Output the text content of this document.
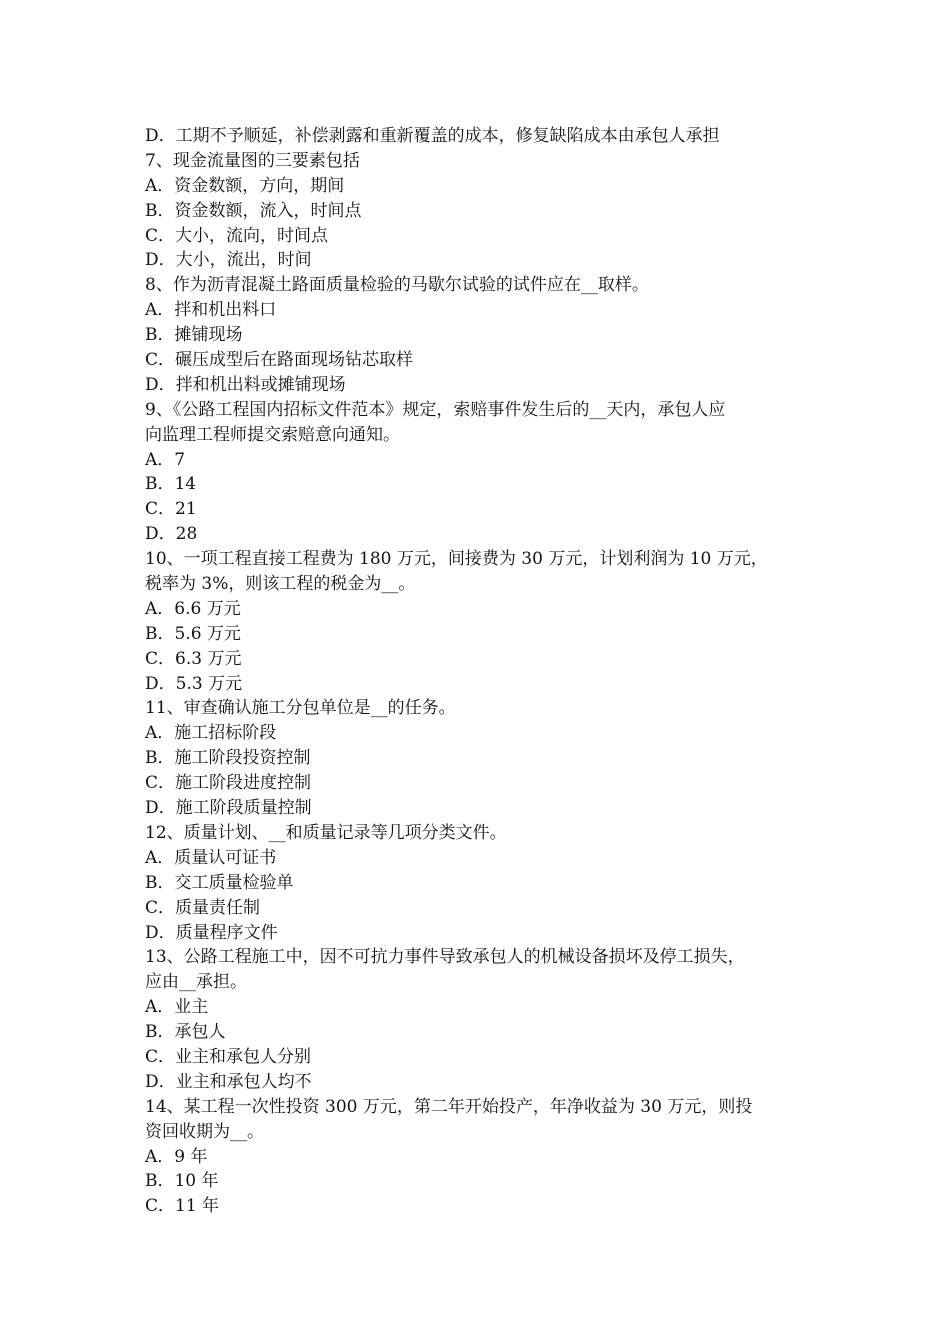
D．工期不予顺延，补偿剥露和重新覆盖的成本，修复缺陷成本由承包人承担
7、现金流量图的三要素包括
A．资金数额，方向，期间
B．资金数额，流入，时间点
C．大小，流向，时间点
D．大小，流出，时间
8、作为沥青混凝土路面质量检验的马歇尔试验的试件应在__取样。
A．拌和机出料口
B．摊铺现场
C．碾压成型后在路面现场钻芯取样
D．拌和机出料或摊铺现场
9、《公路工程国内招标文件范本》规定，索赔事件发生后的__天内，承包人应
向监理工程师提交索赔意向通知。
A．7
B．14
C．21
D．28
10、一项工程直接工程费为 180 万元，间接费为 30 万元，计划利润为 10 万元，
税率为 3%，则该工程的税金为__。
A．6.6 万元
B．5.6 万元
C．6.3 万元
D．5.3 万元
11、审查确认施工分包单位是__的任务。
A．施工招标阶段
B．施工阶段投资控制
C．施工阶段进度控制
D．施工阶段质量控制
12、质量计划、__和质量记录等几项分类文件。
A．质量认可证书
B．交工质量检验单
C．质量责任制
D．质量程序文件
13、公路工程施工中，因不可抗力事件导致承包人的机械设备损坏及停工损失，
应由__承担。
A．业主
B．承包人
C．业主和承包人分别
D．业主和承包人均不
14、某工程一次性投资 300 万元，第二年开始投产，年净收益为 30 万元，则投
资回收期为__。
A．9 年
B．10 年
C．11 年
